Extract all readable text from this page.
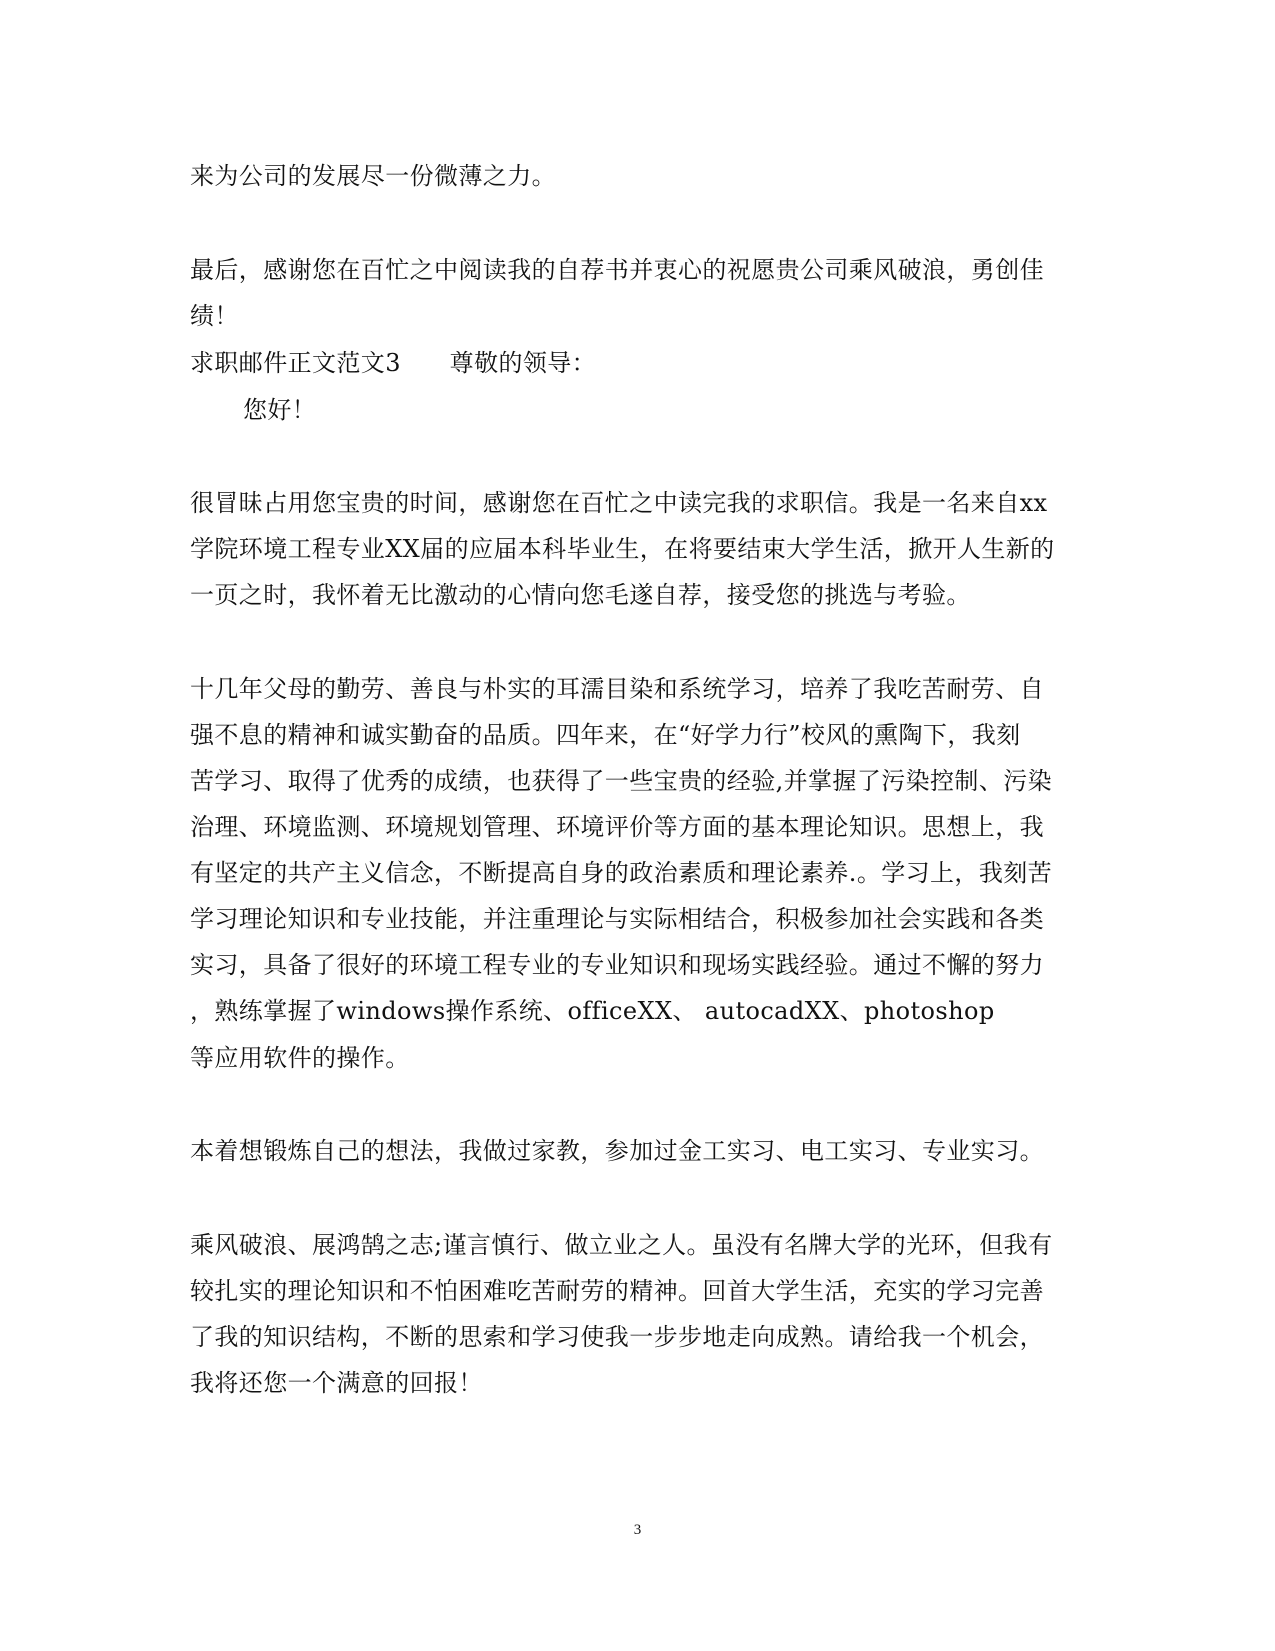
来为公司的发展尽一份微薄之力。
最后，感谢您在百忙之中阅读我的自荐书并衷心的祝愿贵公司乘风破浪，勇创佳
绩！
求职邮件正文范文3　　尊敬的领导：
您好！
很冒昧占用您宝贵的时间，感谢您在百忙之中读完我的求职信。我是一名来自xx
学院环境工程专业XX届的应届本科毕业生，在将要结束大学生活，掀开人生新的
一页之时，我怀着无比激动的心情向您毛遂自荐，接受您的挑选与考验。
十几年父母的勤劳、善良与朴实的耳濡目染和系统学习，培养了我吃苦耐劳、自
强不息的精神和诚实勤奋的品质。四年来，在“好学力行”校风的熏陶下，我刻
苦学习、取得了优秀的成绩，也获得了一些宝贵的经验,并掌握了污染控制、污染
治理、环境监测、环境规划管理、环境评价等方面的基本理论知识。思想上，我
有坚定的共产主义信念，不断提高自身的政治素质和理论素养.。学习上，我刻苦
学习理论知识和专业技能，并注重理论与实际相结合，积极参加社会实践和各类
实习，具备了很好的环境工程专业的专业知识和现场实践经验。通过不懈的努力
，熟练掌握了windows操作系统、officeXX、 autocadXX、photoshop
等应用软件的操作。
本着想锻炼自己的想法，我做过家教，参加过金工实习、电工实习、专业实习。
乘风破浪、展鸿鹄之志;谨言慎行、做立业之人。虽没有名牌大学的光环，但我有
较扎实的理论知识和不怕困难吃苦耐劳的精神。回首大学生活，充实的学习完善
了我的知识结构，不断的思索和学习使我一步步地走向成熟。请给我一个机会，
我将还您一个满意的回报！
3
